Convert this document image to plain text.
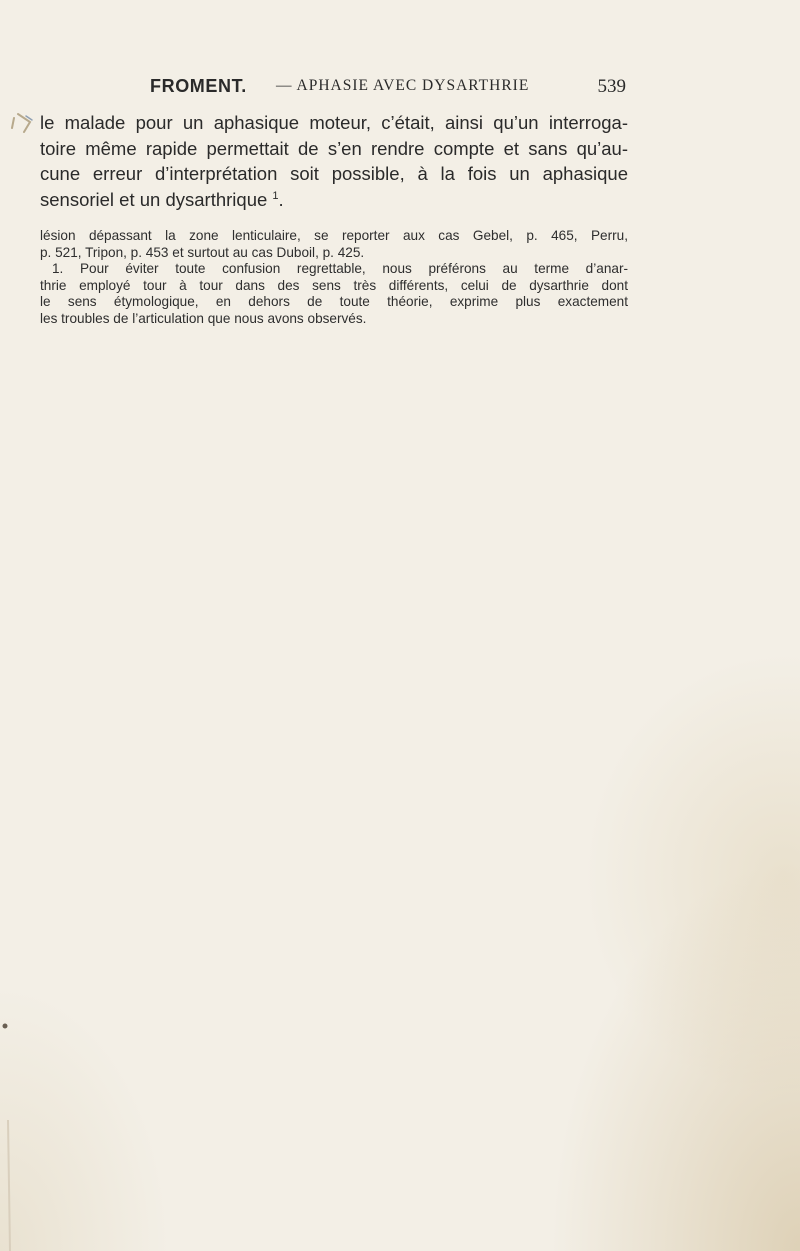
FROMENT. — APHASIE AVEC DYSARTHRIE	539
le malade pour un aphasique moteur, c’était, ainsi qu’un interroga-
toire même rapide permettait de s’en rendre compte et sans qu’au-
cune erreur d’interprétation soit possible, à la fois un aphasique
sensoriel et un dysarthrique $^1$.
lésion dépassant la zone lenticulaire, se reporter aux cas Gebel, p. 465, Perru,
p. 521, Tripon, p. 453 et surtout au cas Duboil, p. 425.
1. Pour éviter toute confusion regrettable, nous préférons au terme d’anar-
thrie employé tour à tour dans des sens très différents, celui de dysarthrie dont
le sens étymologique, en dehors de toute théorie, exprime plus exactement
les troubles de l’articulation que nous avons observés.
